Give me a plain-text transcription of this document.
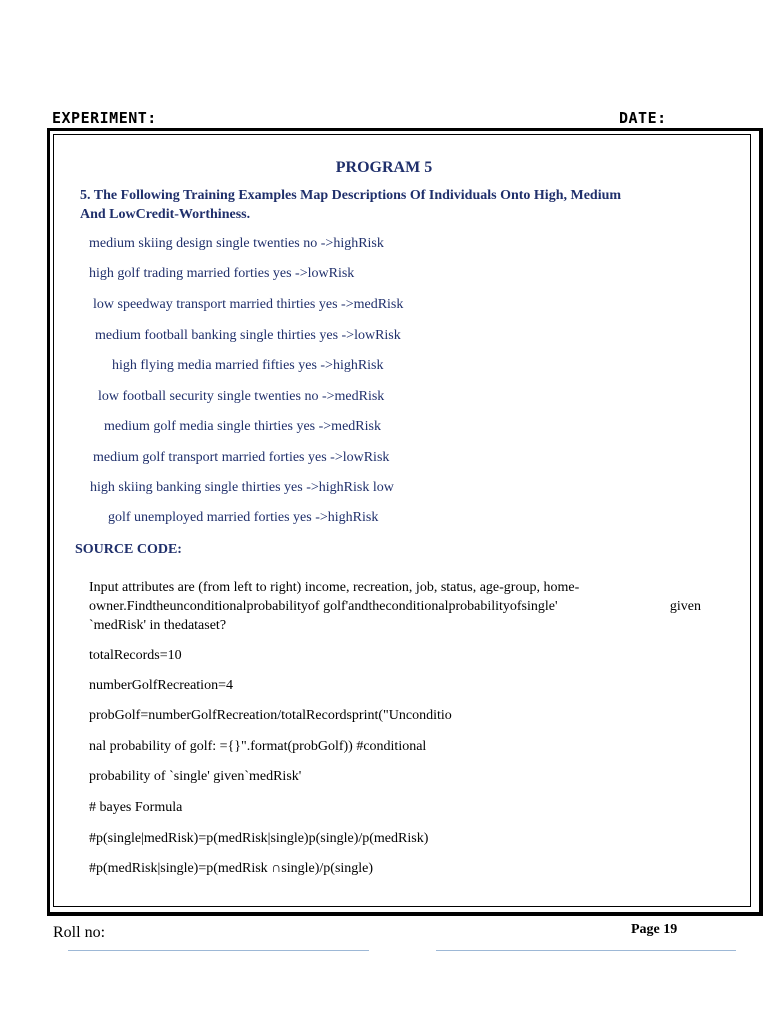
EXPERIMENT:	DATE:
PROGRAM 5
5. The Following Training Examples Map Descriptions Of Individuals Onto High, Medium
And LowCredit-Worthiness.
medium skiing design single twenties no ->highRisk
high golf trading married forties yes ->lowRisk
low speedway transport married thirties yes ->medRisk
medium football banking single thirties yes ->lowRisk
high flying media married fifties yes ->highRisk
low football security single twenties no ->medRisk
medium golf media single thirties yes ->medRisk
medium golf transport married forties yes ->lowRisk
high skiing banking single thirties yes ->highRisk low
golf unemployed married forties yes ->highRisk
SOURCE CODE:
Input attributes are (from left to right) income, recreation, job, status, age-group, home-
owner.Findtheunconditionalprobabilityof golf'andtheconditionalprobabilityofsingle'	given
`medRisk' in thedataset?
totalRecords=10
numberGolfRecreation=4
probGolf=numberGolfRecreation/totalRecordsprint("Unconditio
nal probability of golf: ={}".format(probGolf)) #conditional
probability of `single' given`medRisk'
# bayes Formula
#p(single|medRisk)=p(medRisk|single)p(single)/p(medRisk)
#p(medRisk|single)=p(medRisk ∩single)/p(single)
Roll no:	Page 19
